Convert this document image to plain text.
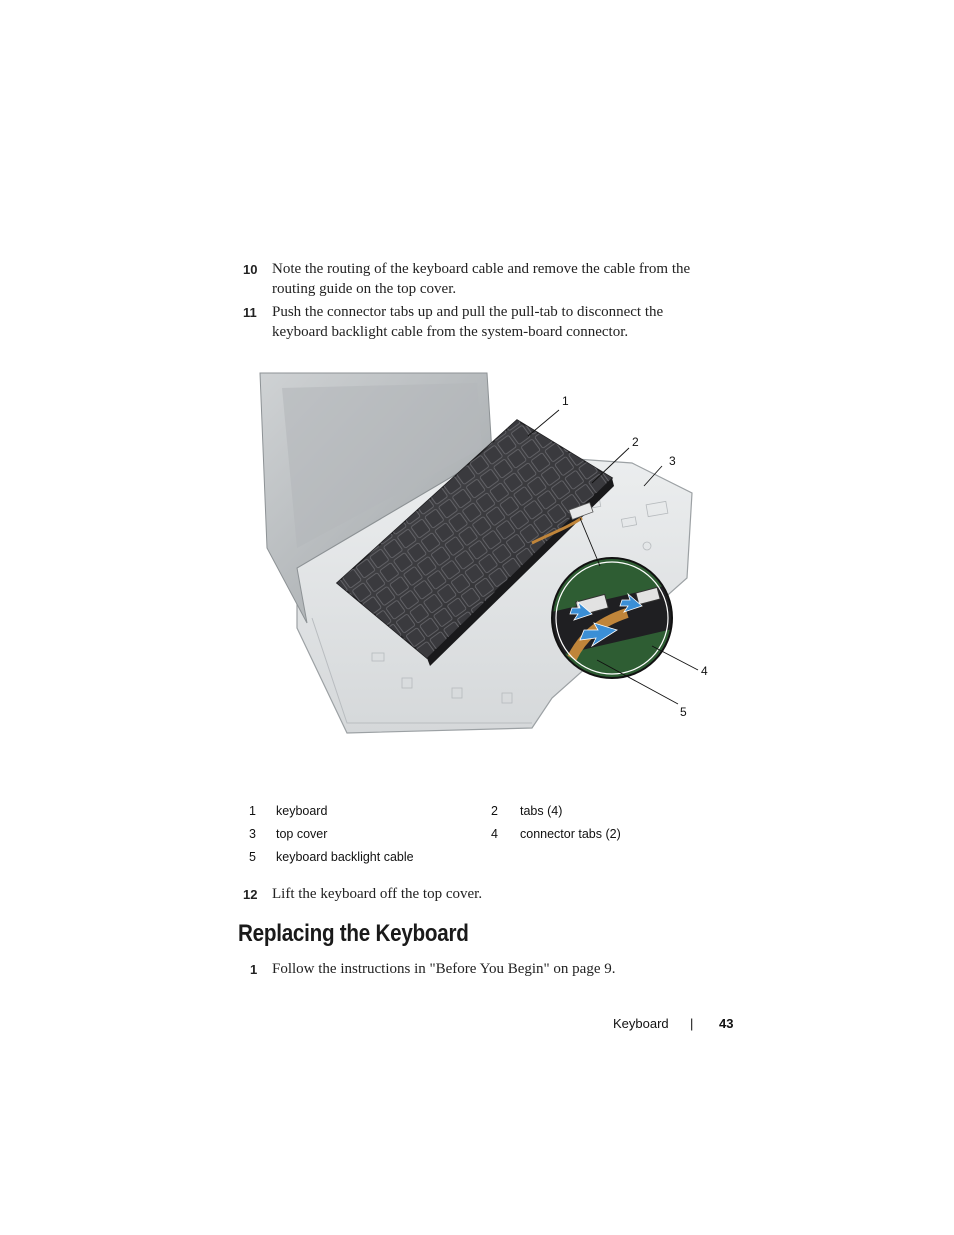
10 Note the routing of the keyboard cable and remove the cable from the routing guide on the top cover.
11 Push the connector tabs up and pull the pull-tab to disconnect the keyboard backlight cable from the system-board connector.
1
2
3
4
5
1 keyboard	2 tabs (4)
3 top cover	4 connector tabs (2)
5 keyboard backlight cable
12 Lift the keyboard off the top cover.
Replacing the Keyboard
1 Follow the instructions in "Before You Begin" on page 9.
Keyboard | 43
